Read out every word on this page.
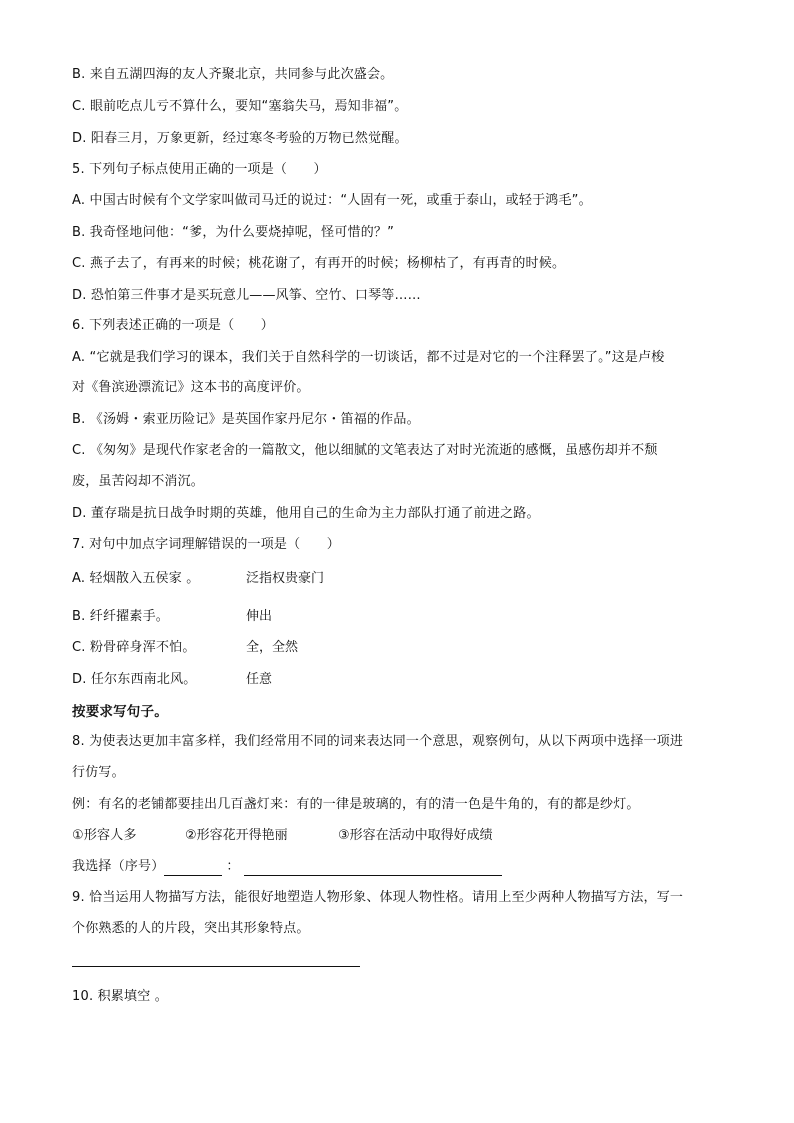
B. 来自五湖四海的友人齐聚北京，共同参与此次盛会。
C. 眼前吃点儿亏不算什么，要知“塞翁失马，焉知非福”。
D. 阳春三月，万象更新，经过寒冬考验的万物已然觉醒。
5. 下列句子标点使用正确的一项是（　　）
A. 中国古时候有个文学家叫做司马迁的说过：“人固有一死，或重于泰山，或轻于鸿毛”。
B. 我奇怪地问他：“爹，为什么要烧掉呢，怪可惜的？”
C. 燕子去了，有再来的时候；桃花谢了，有再开的时候；杨柳枯了，有再青的时候。
D. 恐怕第三件事才是买玩意儿——风筝、空竹、口琴等……
6. 下列表述正确的一项是（　　）
A. “它就是我们学习的课本，我们关于自然科学的一切谈话，都不过是对它的一个注释罢了。”这是卢梭
对《鲁滨逊漂流记》这本书的高度评价。
B. 《汤姆・索亚历险记》是英国作家丹尼尔・笛福的作品。
C. 《匆匆》是现代作家老舍的一篇散文，他以细腻的文笔表达了对时光流逝的感慨，虽感伤却并不颓
废，虽苦闷却不消沉。
D. 董存瑞是抗日战争时期的英雄，他用自己的生命为主力部队打通了前进之路。
7. 对句中加点字词理解错误的一项是（　　）
A. 轻烟散入五侯家 。	泛指权贵豪门
B. 纤纤擢素手。	伸出
C. 粉骨碎身浑不怕。	全，全然
D. 任尔东西南北风。	任意
按要求写句子。
8. 为使表达更加丰富多样，我们经常用不同的词来表达同一个意思，观察例句，从以下两项中选择一项进
行仿写。
例：有名的老铺都要挂出几百盏灯来：有的一律是玻璃的，有的清一色是牛角的，有的都是纱灯。
①形容人多	②形容花开得艳丽	③形容在活动中取得好成绩
我选择（序号）	：
9. 恰当运用人物描写方法，能很好地塑造人物形象、体现人物性格。请用上至少两种人物描写方法，写一
个你熟悉的人的片段，突出其形象特点。
10. 积累填空 。
